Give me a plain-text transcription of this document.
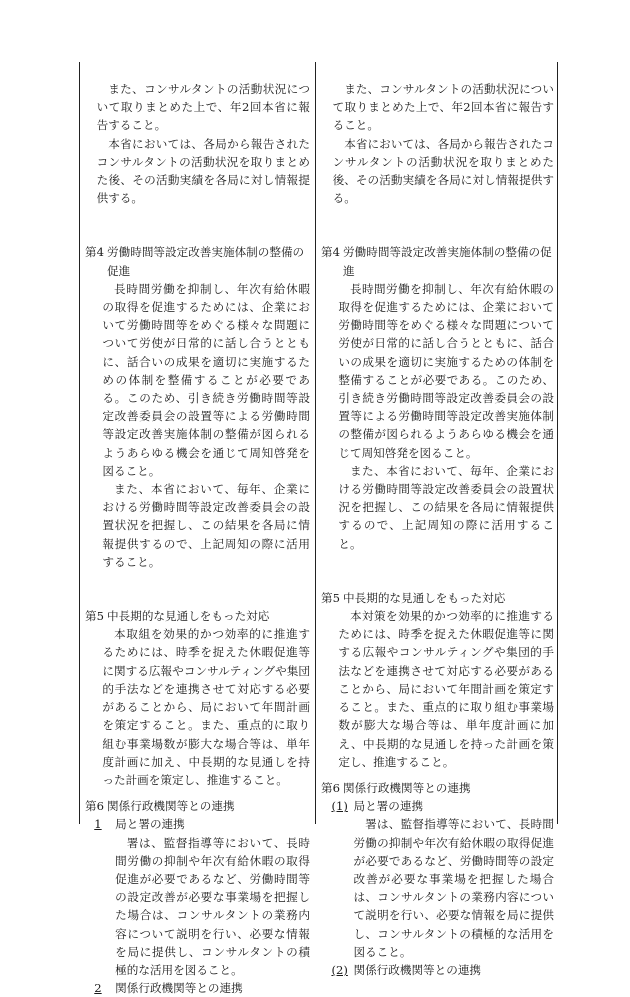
また、コンサルタントの活動状況について取りまとめた上で、年2回本省に報告すること。

本省においては、各局から報告されたコンサルタントの活動状況を取りまとめた後、その活動実績を各局に対し情報提供する。

第4 労働時間等設定改善実施体制の整備の促進

長時間労働を抑制し、年次有給休暇の取得を促進するためには、企業において労働時間等をめぐる様々な問題について労使が日常的に話し合うとともに、話合いの成果を適切に実施するための体制を整備することが必要である。このため、引き続き労働時間等設定改善委員会の設置等による労働時間等設定改善実施体制の整備が図られるようあらゆる機会を通じて周知啓発を図ること。

また、本省において、毎年、企業における労働時間等設定改善委員会の設置状況を把握し、この結果を各局に情報提供するので、上記周知の際に活用すること。

第5 中長期的な見通しをもった対応

本取組を効果的かつ効率的に推進するためには、時季を捉えた休暇促進等に関する広報やコンサルティングや集団的手法などを連携させて対応する必要があることから、局において年間計画を策定すること。また、重点的に取り組む事業場数が膨大な場合等は、単年度計画に加え、中長期的な見通しを持った計画を策定し、推進すること。

第6 関係行政機関等との連携

1 局と署の連携

署は、監督指導等において、長時間労働の抑制や年次有給休暇の取得促進が必要であるなど、労働時間等の設定改善が必要な事業場を把握した場合は、コンサルタントの業務内容について説明を行い、必要な情報を局に提供し、コンサルタントの積極的な活用を図ること。

2 関係行政機関等との連携

また、コンサルタントの活動状況について取りまとめた上で、年2回本省に報告すること。

本省においては、各局から報告されたコンサルタントの活動状況を取りまとめた後、その活動実績を各局に対し情報提供する。

第4 労働時間等設定改善実施体制の整備の促進

長時間労働を抑制し、年次有給休暇の取得を促進するためには、企業において労働時間等をめぐる様々な問題について労使が日常的に話し合うとともに、話合いの成果を適切に実施するための体制を整備することが必要である。このため、引き続き労働時間等設定改善委員会の設置等による労働時間等設定改善実施体制の整備が図られるようあらゆる機会を通じて周知啓発を図ること。

また、本省において、毎年、企業における労働時間等設定改善委員会の設置状況を把握し、この結果を各局に情報提供するので、上記周知の際に活用すること。

第5 中長期的な見通しをもった対応

本対策を効果的かつ効率的に推進するためには、時季を捉えた休暇促進等に関する広報やコンサルティングや集団的手法などを連携させて対応する必要があることから、局において年間計画を策定すること。また、重点的に取り組む事業場数が膨大な場合等は、単年度計画に加え、中長期的な見通しを持った計画を策定し、推進すること。

第6 関係行政機関等との連携

(1) 局と署の連携

署は、監督指導等において、長時間労働の抑制や年次有給休暇の取得促進が必要であるなど、労働時間等の設定改善が必要な事業場を把握した場合は、コンサルタントの業務内容について説明を行い、必要な情報を局に提供し、コンサルタントの積極的な活用を図ること。

(2) 関係行政機関等との連携
